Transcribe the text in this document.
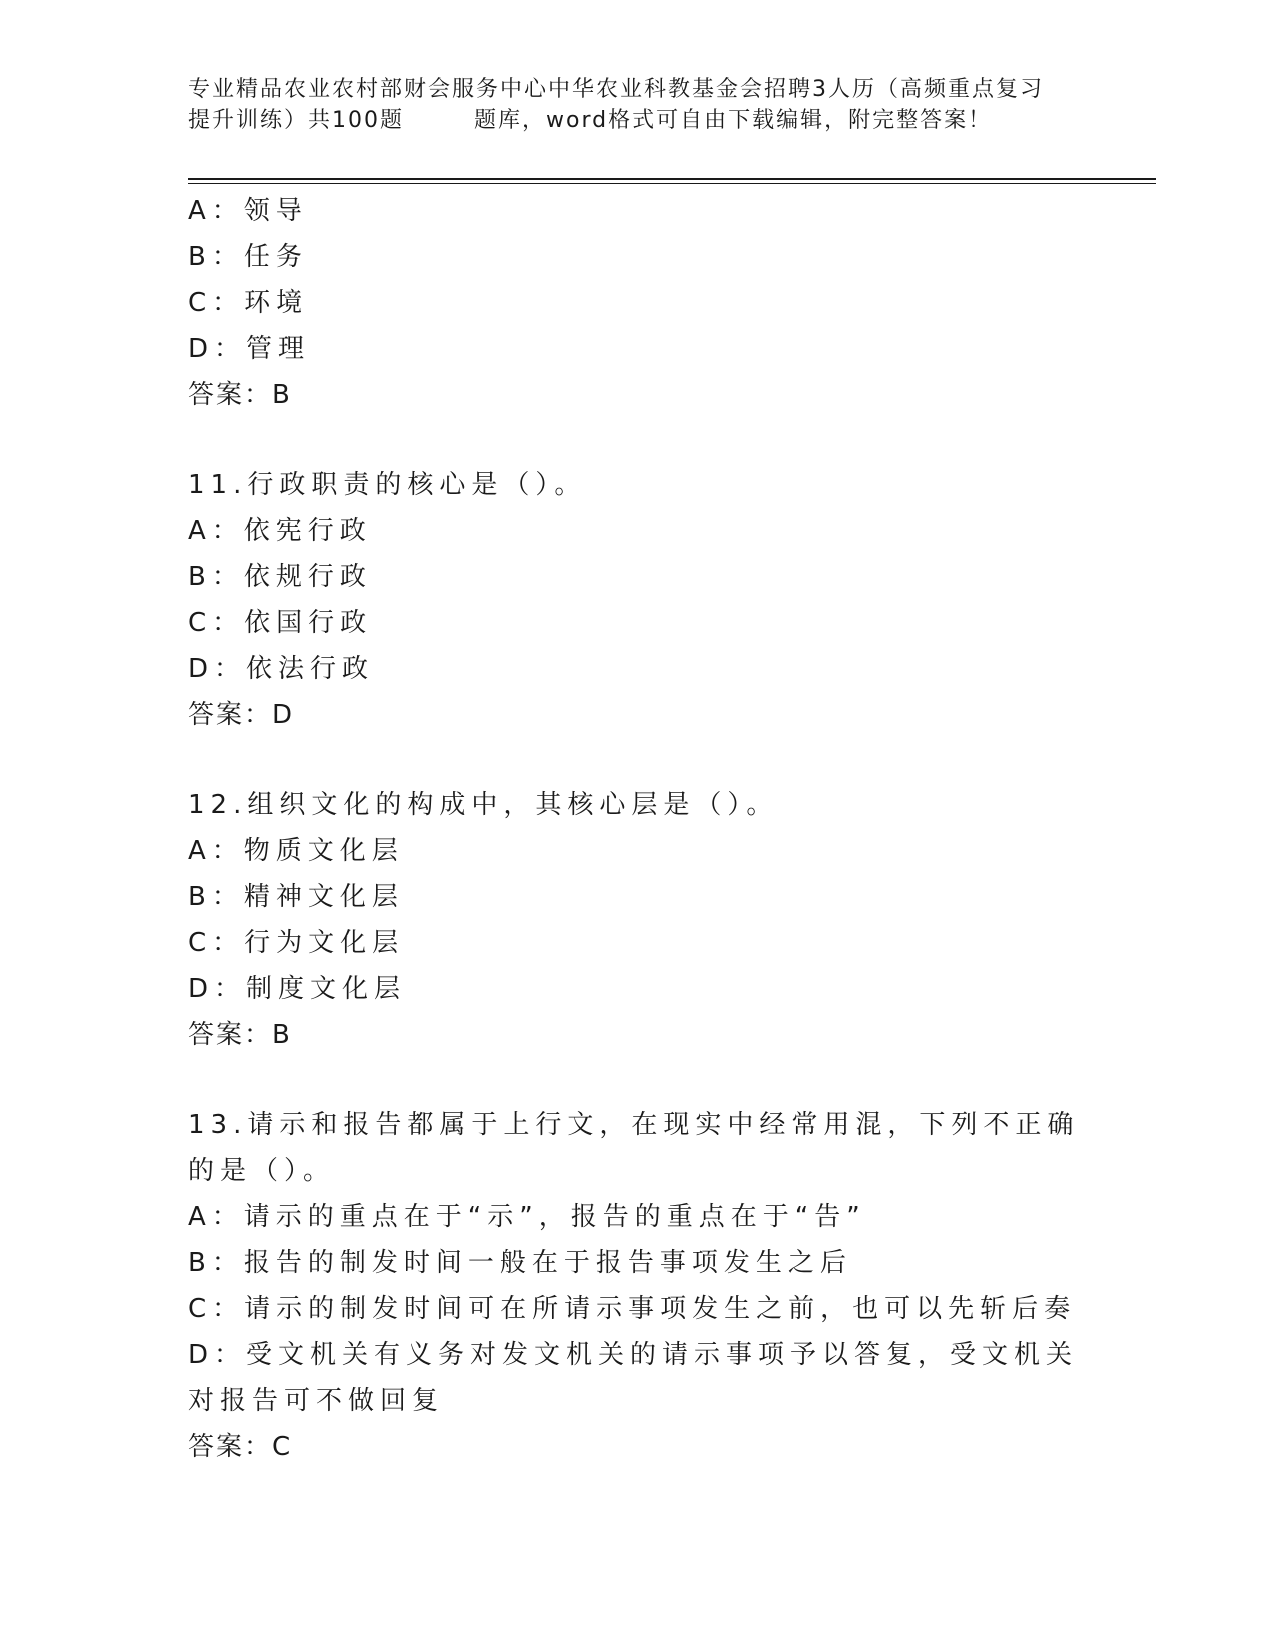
专业精品农业农村部财会服务中心中华农业科教基金会招聘3人历（高频重点复习
提升训练）共100题	题库，word格式可自由下载编辑，附完整答案！
A：领导
B：任务
C：环境
D：管理
答案：B
11.行政职责的核心是（）。
A：依宪行政
B：依规行政
C：依国行政
D：依法行政
答案：D
12.组织文化的构成中，其核心层是（）。
A：物质文化层
B：精神文化层
C：行为文化层
D：制度文化层
答案：B
13.请示和报告都属于上行文，在现实中经常用混，下列不正确的是（）。
A：请示的重点在于“示”，报告的重点在于“告”
B：报告的制发时间一般在于报告事项发生之后
C：请示的制发时间可在所请示事项发生之前，也可以先斩后奏
D：受文机关有义务对发文机关的请示事项予以答复，受文机关对报告可不做回复
答案：C
